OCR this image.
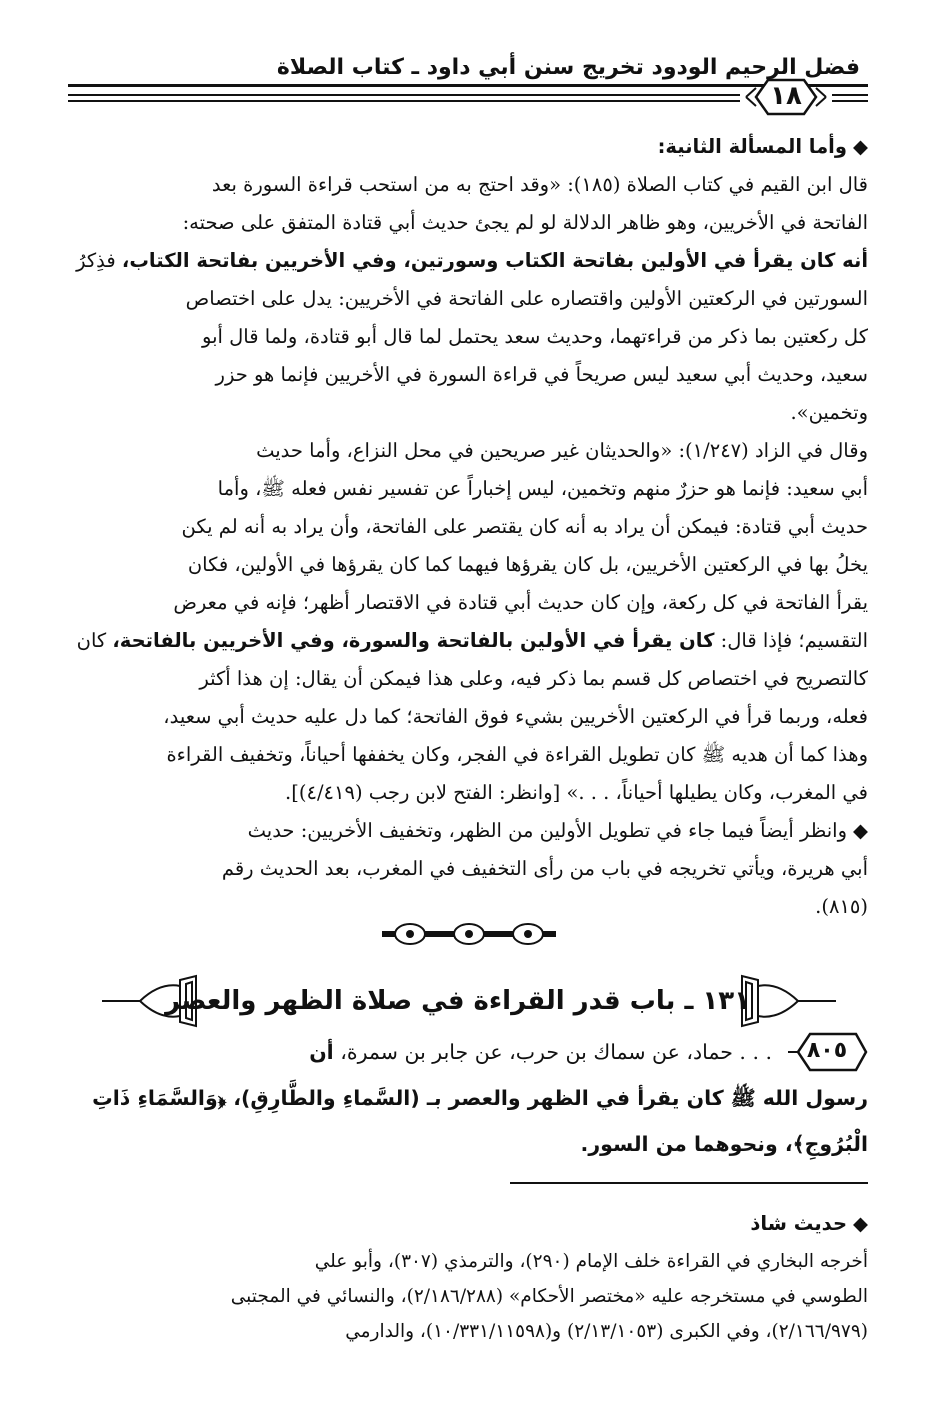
فضل الرحيم الودود تخريج سنن أبي داود ـ كتاب الصلاة
١٨
◆وأما المسألة الثانية:
قال ابن القيم في كتاب الصلاة (١٨٥): «وقد احتج به من استحب قراءة السورة بعد
الفاتحة في الأخريين، وهو ظاهر الدلالة لو لم يجئ حديث أبي قتادة المتفق على صحته:
أنه كان يقرأ في الأولين بفاتحة الكتاب وسورتين، وفي الأخريين بفاتحة الكتاب، فذِكرُ
السورتين في الركعتين الأولين واقتصاره على الفاتحة في الأخريين: يدل على اختصاص
كل ركعتين بما ذكر من قراءتهما، وحديث سعد يحتمل لما قال أبو قتادة، ولما قال أبو
سعيد، وحديث أبي سعيد ليس صريحاً في قراءة السورة في الأخريين فإنما هو حزر
وتخمين».
وقال في الزاد (١/٢٤٧): «والحديثان غير صريحين في محل النزاع، وأما حديث
أبي سعيد: فإنما هو حزرٌ منهم وتخمين، ليس إخباراً عن تفسير نفس فعله ﷺ، وأما
حديث أبي قتادة: فيمكن أن يراد به أنه كان يقتصر على الفاتحة، وأن يراد به أنه لم يكن
يخلُ بها في الركعتين الأخريين، بل كان يقرؤها فيهما كما كان يقرؤها في الأولين، فكان
يقرأ الفاتحة في كل ركعة، وإن كان حديث أبي قتادة في الاقتصار أظهر؛ فإنه في معرض
التقسيم؛ فإذا قال: كان يقرأ في الأولين بالفاتحة والسورة، وفي الأخريين بالفاتحة، كان
كالتصريح في اختصاص كل قسم بما ذكر فيه، وعلى هذا فيمكن أن يقال: إن هذا أكثر
فعله، وربما قرأ في الركعتين الأخريين بشيء فوق الفاتحة؛ كما دل عليه حديث أبي سعيد،
وهذا كما أن هديه ﷺ كان تطويل القراءة في الفجر، وكان يخففها أحياناً، وتخفيف القراءة
في المغرب، وكان يطيلها أحياناً، . . .» [وانظر: الفتح لابن رجب (٤/٤١٩)].
◆وانظر أيضاً فيما جاء في تطويل الأولين من الظهر، وتخفيف الأخريين: حديث
أبي هريرة، ويأتي تخريجه في باب من رأى التخفيف في المغرب، بعد الحديث رقم
(٨١٥).
١٣١ ـ باب قدر القراءة في صلاة الظهر والعصر
٨٠٥
. . . حماد، عن سماك بن حرب، عن جابر بن سمرة، أن
رسول الله ﷺ كان يقرأ في الظهر والعصر بـ (السَّماءِ والطَّارِقِ)، ﴿وَالسَّمَاءِ ذَاتِ
الْبُرُوجِ﴾، ونحوهما من السور.
◆حديث شاذ
أخرجه البخاري في القراءة خلف الإمام (٢٩٠)، والترمذي (٣٠٧)، وأبو علي
الطوسي في مستخرجه عليه «مختصر الأحكام» (٢/١٨٦/٢٨٨)، والنسائي في المجتبى
(٢/١٦٦/٩٧٩)، وفي الكبرى (٢/١٣/١٠٥٣) و(١٠/٣٣١/١١٥٩٨)، والدارمي
